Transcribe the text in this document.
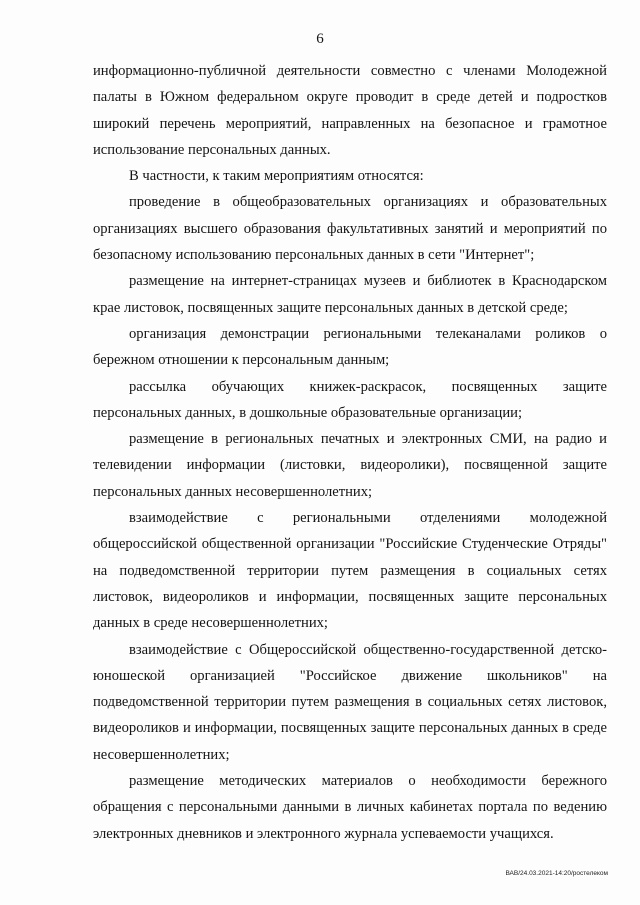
6

информационно-публичной деятельности совместно с членами Молодежной палаты в Южном федеральном округе проводит в среде детей и подростков широкий перечень мероприятий, направленных на безопасное и грамотное использование персональных данных.

В частности, к таким мероприятиям относятся:

проведение в общеобразовательных организациях и образовательных организациях высшего образования факультативных занятий и мероприятий по безопасному использованию персональных данных в сети "Интернет";

размещение на интернет-страницах музеев и библиотек в Краснодарском крае листовок, посвященных защите персональных данных в детской среде;

организация демонстрации региональными телеканалами роликов о бережном отношении к персональным данным;

рассылка обучающих книжек-раскрасок, посвященных защите персональных данных, в дошкольные образовательные организации;

размещение в региональных печатных и электронных СМИ, на радио и телевидении информации (листовки, видеоролики), посвященной защите персональных данных несовершеннолетних;

взаимодействие с региональными отделениями молодежной общероссийской общественной организации "Российские Студенческие Отряды" на подведомственной территории путем размещения в социальных сетях листовок, видеороликов и информации, посвященных защите персональных данных в среде несовершеннолетних;

взаимодействие с Общероссийской общественно-государственной детско-юношеской организацией "Российское движение школьников" на подведомственной территории путем размещения в социальных сетях листовок, видеороликов и информации, посвященных защите персональных данных в среде несовершеннолетних;

размещение методических материалов о необходимости бережного обращения с персональными данными в личных кабинетах портала по ведению электронных дневников и электронного журнала успеваемости учащихся.

ВАВ/24.03.2021-14:20/ростелеком
